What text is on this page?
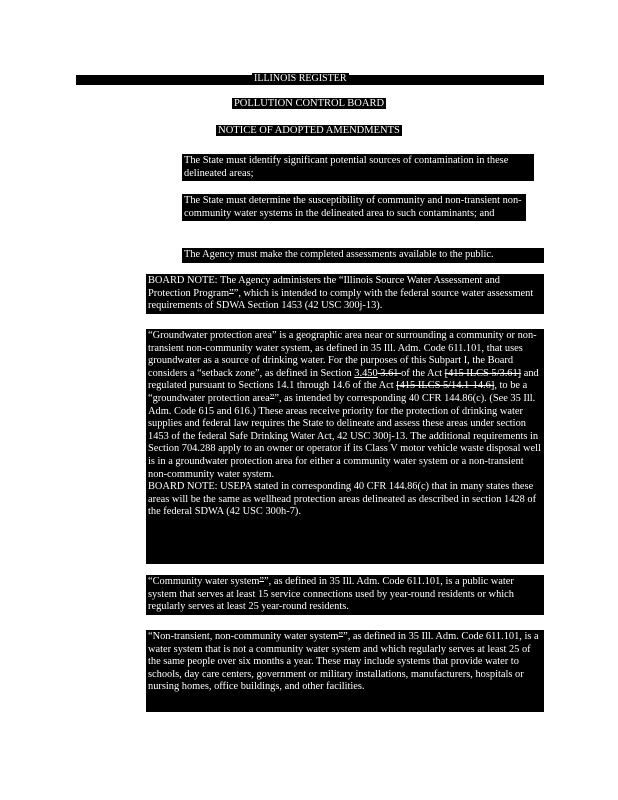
ILLINOIS REGISTER
POLLUTION CONTROL BOARD
NOTICE OF ADOPTED AMENDMENTS
The State must identify significant potential sources of contamination in these delineated areas;
The State must determine the susceptibility of community and non-transient non-community water systems in the delineated area to such contaminants; and
The Agency must make the completed assessments available to the public.
BOARD NOTE: The Agency administers the “Illinois Source Water Assessment and Protection Program””, which is intended to comply with the federal source water assessment requirements of SDWA Section 1453 (42 USC 300j-13).
“Groundwater protection area” is a geographic area near or surrounding a community or non-transient non-community water system, as defined in 35 Ill. Adm. Code 611.101, that uses groundwater as a source of drinking water. For the purposes of this Subpart I, the Board considers a “setback zone”, as defined in Section 3.450 3.61 of the Act [415 ILCS 5/3.61] and regulated pursuant to Sections 14.1 through 14.6 of the Act [415 ILCS 5/14.1-14.6], to be a “groundwater protection area””, as intended by corresponding 40 CFR 144.86(c). (See 35 Ill. Adm. Code 615 and 616.) These areas receive priority for the protection of drinking water supplies and federal law requires the State to delineate and assess these areas under section 1453 of the federal Safe Drinking Water Act, 42 USC 300j-13. The additional requirements in Section 704.288 apply to an owner or operator if its Class V motor vehicle waste disposal well is in a groundwater protection area for either a community water system or a non-transient non-community water system.
BOARD NOTE: USEPA stated in corresponding 40 CFR 144.86(c) that in many states these areas will be the same as wellhead protection areas delineated as described in section 1428 of the federal SDWA (42 USC 300h-7).
“Community water system””, as defined in 35 Ill. Adm. Code 611.101, is a public water system that serves at least 15 service connections used by year-round residents or which regularly serves at least 25 year-round residents.
“Non-transient, non-community water system””, as defined in 35 Ill. Adm. Code 611.101, is a water system that is not a community water system and which regularly serves at least 25 of the same people over six months a year. These may include systems that provide water to schools, day care centers, government or military installations, manufacturers, hospitals or nursing homes, office buildings, and other facilities.
